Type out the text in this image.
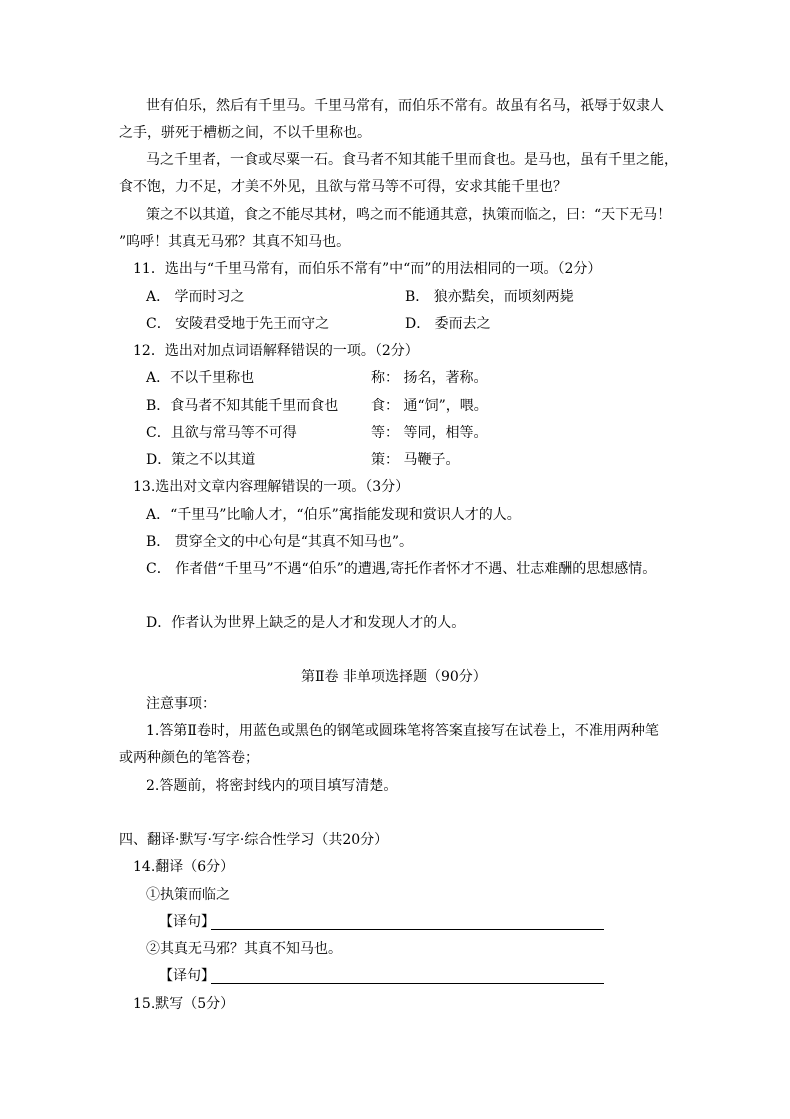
世有伯乐，然后有千里马。千里马常有，而伯乐不常有。故虽有名马，祇辱于奴隶人
之手，骈死于槽枥之间，不以千里称也。
马之千里者，一食或尽粟一石。食马者不知其能千里而食也。是马也，虽有千里之能，
食不饱，力不足，才美不外见，且欲与常马等不可得，安求其能千里也？
策之不以其道，食之不能尽其材，鸣之而不能通其意，执策而临之，曰：“天下无马！
”呜呼！其真无马邪？其真不知马也。
11．选出与“千里马常有，而伯乐不常有”中“而”的用法相同的一项。（2分）
A． 学而时习之	B． 狼亦黠矣，而顷刻两毙
C． 安陵君受地于先王而守之	D． 委而去之
12．选出对加点词语解释错误的一项。（2分）
A．不以千里称也	称： 扬名，著称。
B．食马者不知其能千里而食也 食： 通“饲”，喂。
C．且欲与常马等不可得	等： 等同，相等。
D．策之不以其道	策： 马鞭子。
13.选出对文章内容理解错误的一项。（3分）
A．“千里马”比喻人才，“伯乐”寓指能发现和赏识人才的人。
B． 贯穿全文的中心句是“其真不知马也”。
C． 作者借“千里马”不遇“伯乐”的遭遇,寄托作者怀才不遇、壮志难酬的思想感情。
D．作者认为世界上缺乏的是人才和发现人才的人。
第Ⅱ卷 非单项选择题（90分）
注意事项：
1.答第Ⅱ卷时，用蓝色或黑色的钢笔或圆珠笔将答案直接写在试卷上，不准用两种笔
或两种颜色的笔答卷；
2.答题前，将密封线内的项目填写清楚。
四、翻译·默写·写字·综合性学习（共20分）
14.翻译（6分）
①执策而临之
【译句】
②其真无马邪？其真不知马也。
【译句】
15.默写（5分）
